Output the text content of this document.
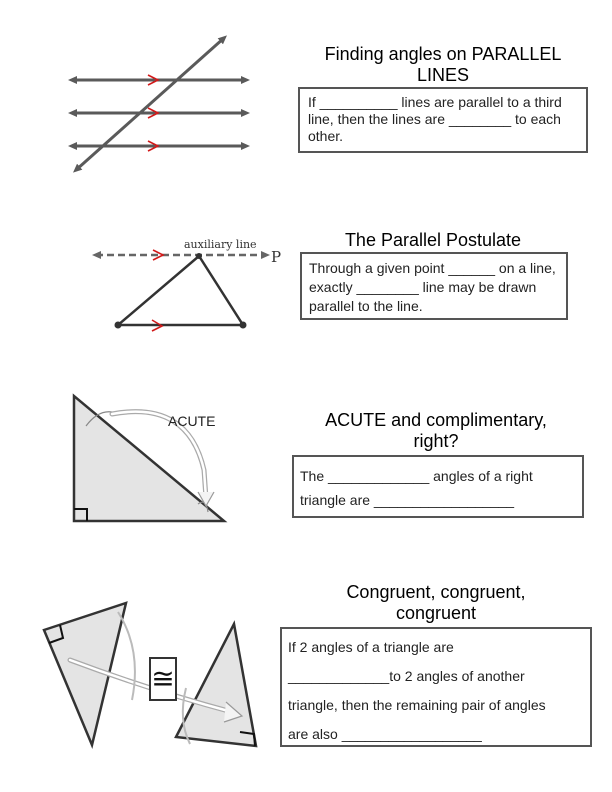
Finding angles on PARALLEL LINES
If __________ lines are parallel to a third line, then the lines are ________ to each other.
auxiliary line
P
The Parallel Postulate
Through a given point ______ on a line, exactly ________ line may be drawn parallel to the line.
ACUTE	ACUTE and complimentary, right?
The _____________ angles of a right
triangle are __________________
≅
Congruent, congruent, congruent
If 2 angles of a triangle are
_____________to 2 angles of another
triangle, then the remaining pair of angles
are also __________________
